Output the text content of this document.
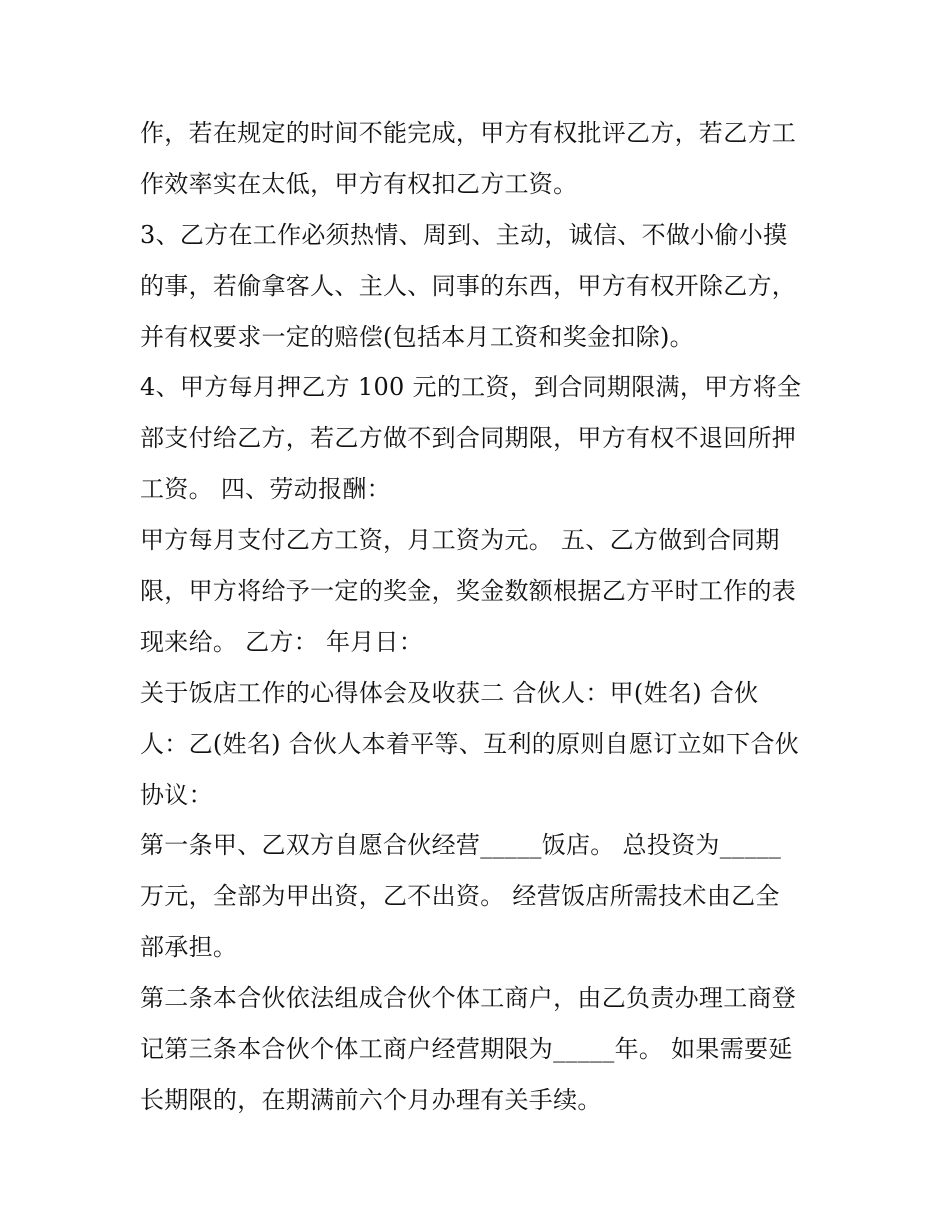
作，若在规定的时间不能完成，甲方有权批评乙方，若乙方工
作效率实在太低，甲方有权扣乙方工资。
3、乙方在工作必须热情、周到、主动，诚信、不做小偷小摸
的事，若偷拿客人、主人、同事的东西，甲方有权开除乙方，
并有权要求一定的赔偿(包括本月工资和奖金扣除)。
4、甲方每月押乙方 100 元的工资，到合同期限满，甲方将全
部支付给乙方，若乙方做不到合同期限，甲方有权不退回所押
工资。 四、劳动报酬：
甲方每月支付乙方工资，月工资为元。 五、乙方做到合同期
限，甲方将给予一定的奖金，奖金数额根据乙方平时工作的表
现来给。 乙方： 年月日：
关于饭店工作的心得体会及收获二 合伙人：甲(姓名) 合伙
人：乙(姓名) 合伙人本着平等、互利的原则自愿订立如下合伙
协议：
第一条甲、乙双方自愿合伙经营_____饭店。 总投资为_____
万元，全部为甲出资，乙不出资。 经营饭店所需技术由乙全
部承担。
第二条本合伙依法组成合伙个体工商户，由乙负责办理工商登
记第三条本合伙个体工商户经营期限为_____年。 如果需要延
长期限的，在期满前六个月办理有关手续。
